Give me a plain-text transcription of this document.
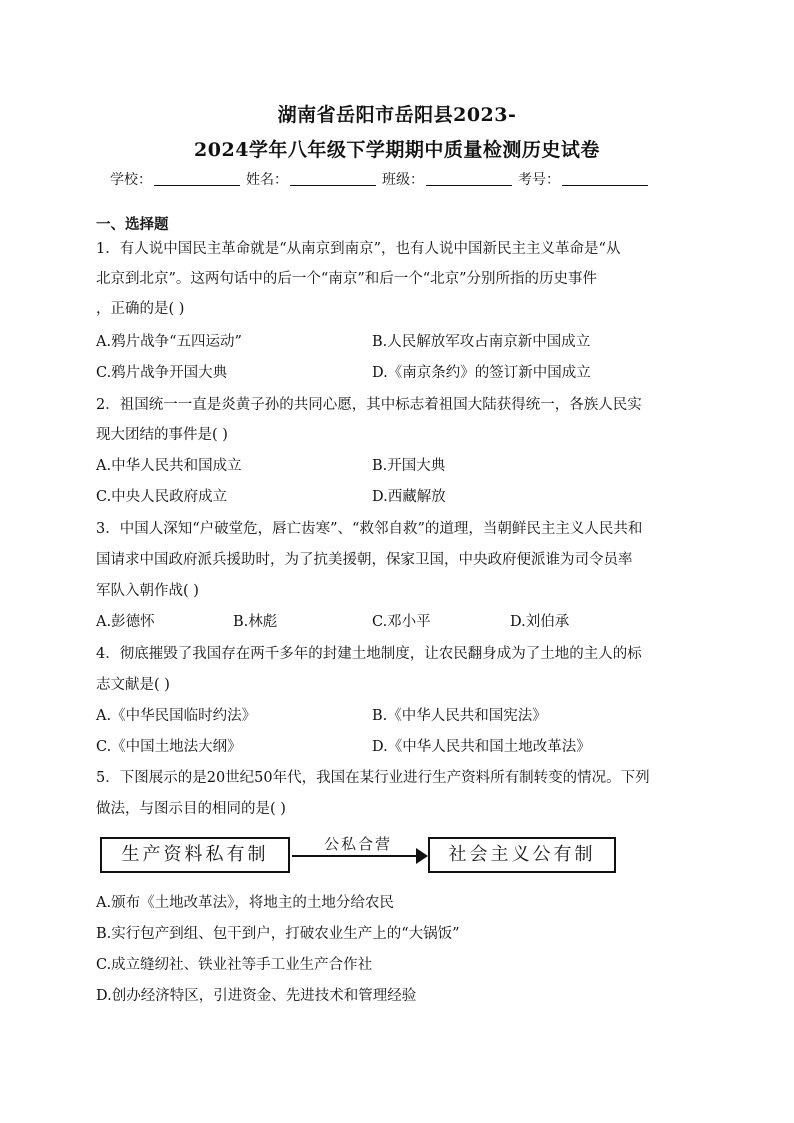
湖南省岳阳市岳阳县2023-
2024学年八年级下学期期中质量检测历史试卷
学校：	姓名：	班级：	考号：
一、选择题
1．有人说中国民主革命就是“从南京到南京”，也有人说中国新民主主义革命是“从
北京到北京”。这两句话中的后一个“南京”和后一个“北京”分别所指的历史事件
，正确的是( )
A.鸦片战争“五四运动”	B.人民解放军攻占南京新中国成立
C.鸦片战争开国大典	D.《南京条约》的签订新中国成立
2．祖国统一一直是炎黄子孙的共同心愿，其中标志着祖国大陆获得统一，各族人民实
现大团结的事件是( )
A.中华人民共和国成立	B.开国大典
C.中央人民政府成立	D.西藏解放
3．中国人深知“户破堂危，唇亡齿寒”、“救邻自救”的道理，当朝鲜民主主义人民共和
国请求中国政府派兵援助时，为了抗美援朝，保家卫国，中央政府便派谁为司令员率
军队入朝作战( )
A.彭德怀	B.林彪	C.邓小平	D.刘伯承
4．彻底摧毁了我国存在两千多年的封建土地制度，让农民翻身成为了土地的主人的标
志文献是( )
A.《中华民国临时约法》	B.《中华人民共和国宪法》
C.《中国土地法大纲》	D.《中华人民共和国土地改革法》
5．下图展示的是20世纪50年代，我国在某行业进行生产资料所有制转变的情况。下列
做法，与图示目的相同的是( )
生产资料私有制	公私合营	社会主义公有制
A.颁布《土地改革法》，将地主的土地分给农民
B.实行包产到组、包干到户，打破农业生产上的“大锅饭”
C.成立缝纫社、铁业社等手工业生产合作社
D.创办经济特区，引进资金、先进技术和管理经验
